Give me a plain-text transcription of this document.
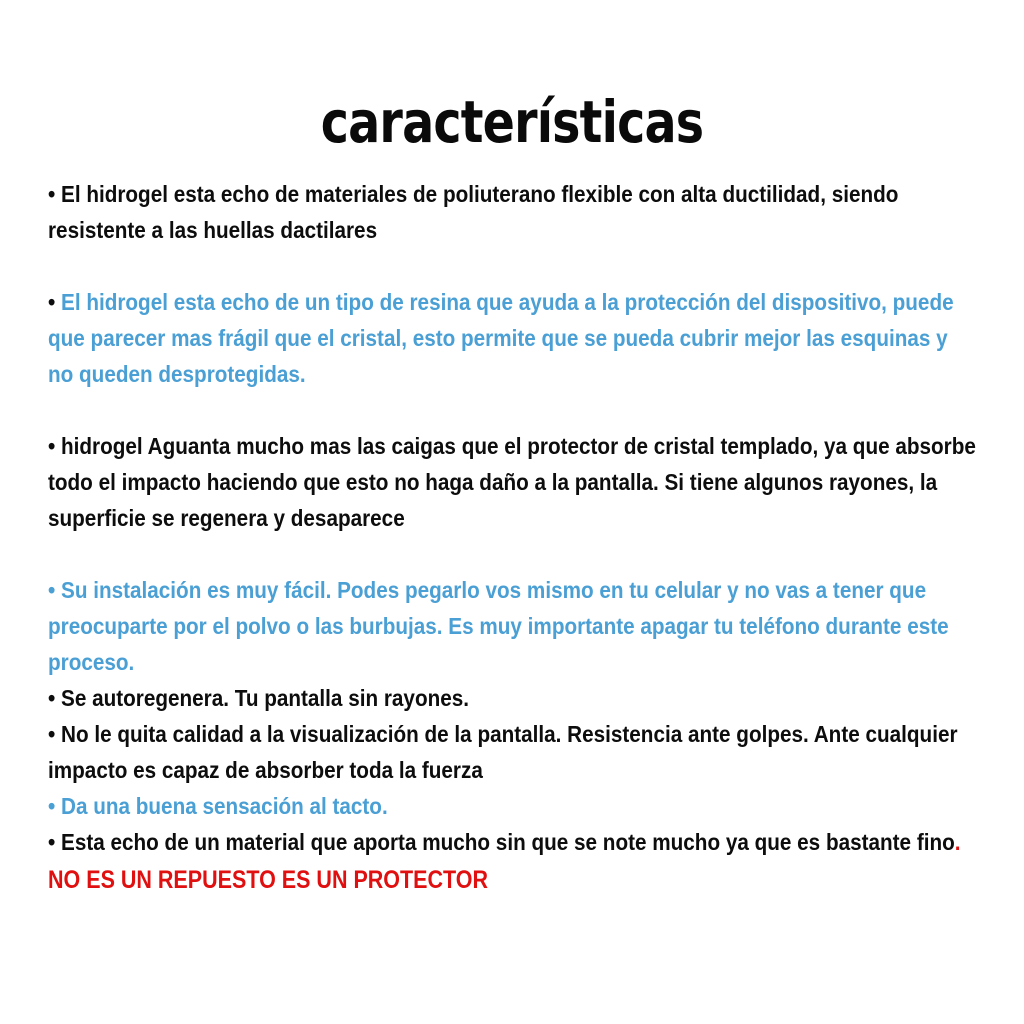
características

• El hidrogel esta echo de materiales de poliuterano flexible con alta ductilidad, siendo resistente a las huellas dactilares

• El hidrogel esta echo de un tipo de resina que ayuda a la protección del dispositivo, puede que parecer mas frágil que el cristal, esto permite que se pueda cubrir mejor las esquinas y no queden desprotegidas.

• hidrogel Aguanta mucho mas las caigas que el protector de cristal templado, ya que absorbe todo el impacto haciendo que esto no haga daño a la pantalla. Si tiene algunos rayones, la superficie se regenera y desaparece

• Su instalación es muy fácil. Podes pegarlo vos mismo en tu celular y no vas a tener que preocuparte por el polvo o las burbujas. Es muy importante apagar tu teléfono durante este proceso.

• Se autoregenera. Tu pantalla sin rayones.

• No le quita calidad a la visualización de la pantalla. Resistencia ante golpes. Ante cualquier impacto es capaz de absorber toda la fuerza

• Da una buena sensación al tacto.

• Esta echo de un material que aporta mucho sin que se note mucho ya que es bastante fino.

NO ES UN REPUESTO ES UN PROTECTOR
